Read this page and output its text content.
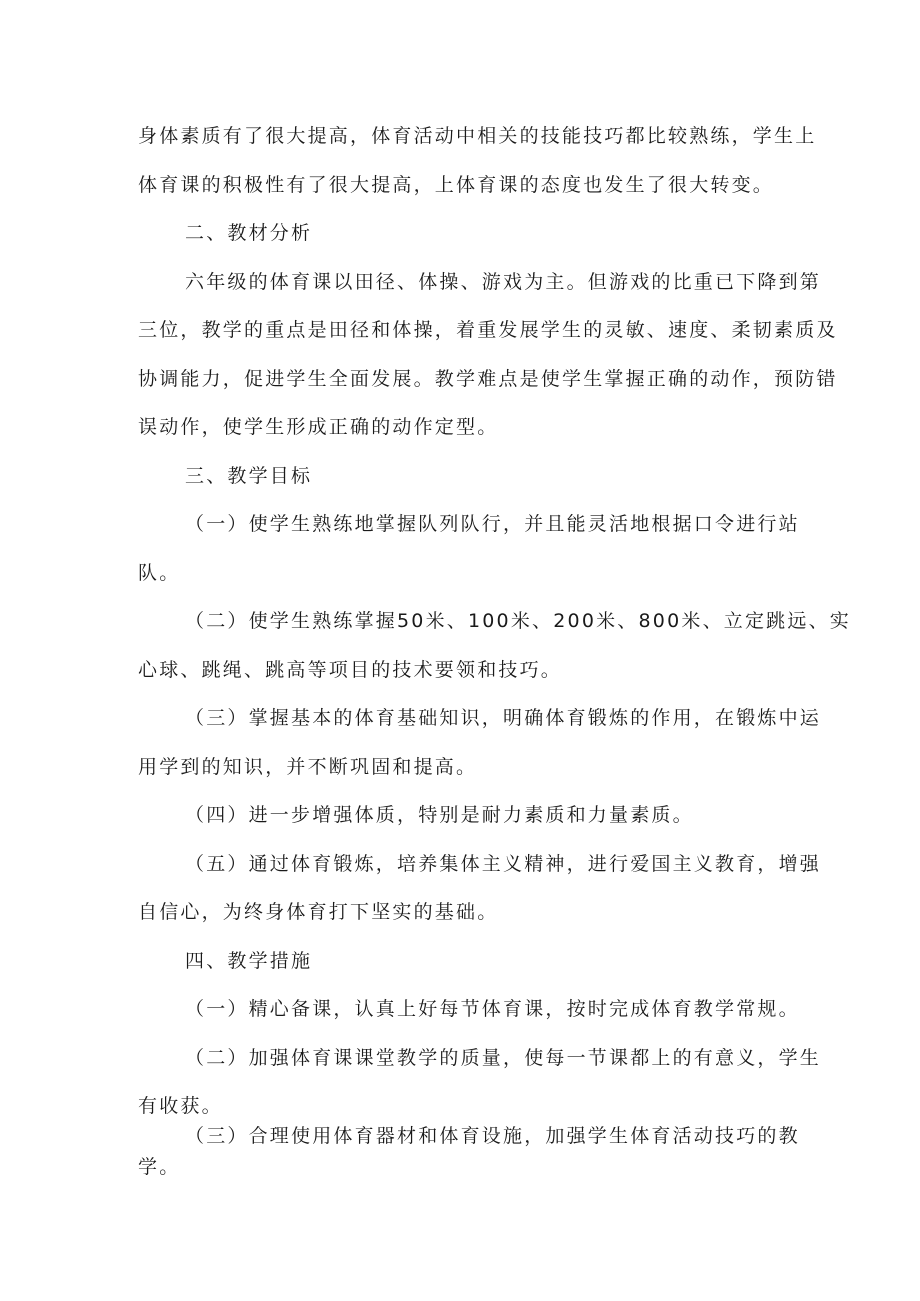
身体素质有了很大提高，体育活动中相关的技能技巧都比较熟练，学生上
体育课的积极性有了很大提高，上体育课的态度也发生了很大转变。
二、教材分析
六年级的体育课以田径、体操、游戏为主。但游戏的比重已下降到第
三位，教学的重点是田径和体操，着重发展学生的灵敏、速度、柔韧素质及
协调能力，促进学生全面发展。教学难点是使学生掌握正确的动作，预防错
误动作，使学生形成正确的动作定型。
三、教学目标
（一）使学生熟练地掌握队列队行，并且能灵活地根据口令进行站
队。
（二）使学生熟练掌握50米、100米、200米、800米、立定跳远、实
心球、跳绳、跳高等项目的技术要领和技巧。
（三）掌握基本的体育基础知识，明确体育锻炼的作用，在锻炼中运
用学到的知识，并不断巩固和提高。
（四）进一步增强体质，特别是耐力素质和力量素质。
（五）通过体育锻炼，培养集体主义精神，进行爱国主义教育，增强
自信心，为终身体育打下坚实的基础。
四、教学措施
（一）精心备课，认真上好每节体育课，按时完成体育教学常规。
（二）加强体育课课堂教学的质量，使每一节课都上的有意义，学生
有收获。
（三）合理使用体育器材和体育设施，加强学生体育活动技巧的教
学。
